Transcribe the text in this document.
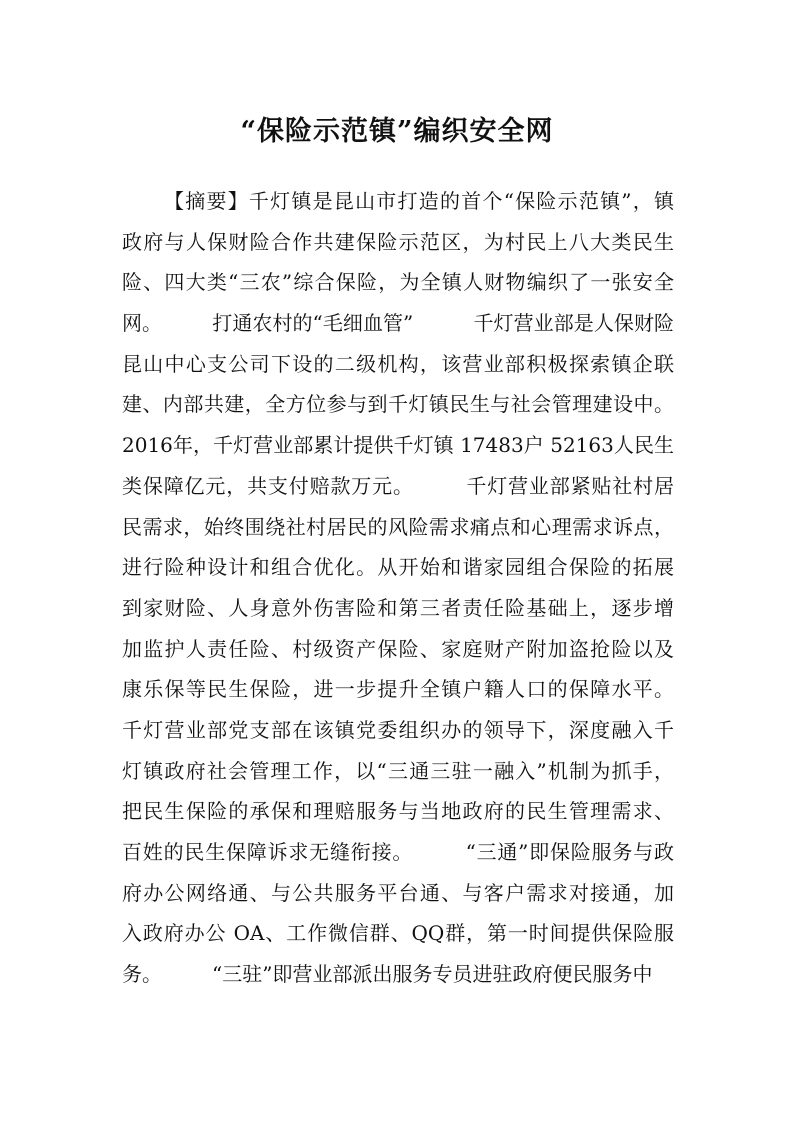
“保险示范镇”编织安全网
【摘要】千灯镇是昆山市打造的首个“保险示范镇”，镇
政府与人保财险合作共建保险示范区，为村民上八大类民生
险、四大类“三农”综合保险，为全镇人财物编织了一张安全
网。　　　打通农村的“毛细血管”　　　千灯营业部是人保财险
昆山中心支公司下设的二级机构，该营业部积极探索镇企联
建、内部共建，全方位参与到千灯镇民生与社会管理建设中。
2016年，千灯营业部累计提供千灯镇 17483户 52163人民生
类保障亿元，共支付赔款万元。　　　千灯营业部紧贴社村居
民需求，始终围绕社村居民的风险需求痛点和心理需求诉点，
进行险种设计和组合优化。从开始和谐家园组合保险的拓展
到家财险、人身意外伤害险和第三者责任险基础上，逐步增
加监护人责任险、村级资产保险、家庭财产附加盗抢险以及
康乐保等民生保险，进一步提升全镇户籍人口的保障水平。
千灯营业部党支部在该镇党委组织办的领导下，深度融入千
灯镇政府社会管理工作，以“三通三驻一融入”机制为抓手，
把民生保险的承保和理赔服务与当地政府的民生管理需求、
百姓的民生保障诉求无缝衔接。　　　“三通”即保险服务与政
府办公网络通、与公共服务平台通、与客户需求对接通，加
入政府办公 OA、工作微信群、QQ群，第一时间提供保险服
务。　　　“三驻”即营业部派出服务专员进驻政府便民服务中
